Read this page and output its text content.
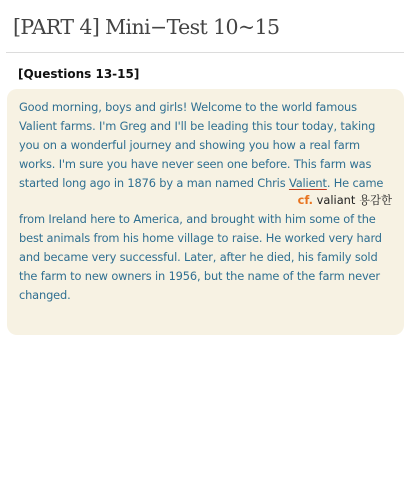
[PART 4] Mini−Test 10~15
[Questions 13-15]
Good morning, boys and girls! Welcome to the world famous
Valient farms. I'm Greg and I'll be leading this tour today, taking
you on a wonderful journey and showing you how a real farm
works. I'm sure you have never seen one before. This farm was
started long ago in 1876 by a man named Chris Valient. He came
cf. valiant 용감한
from Ireland here to America, and brought with him some of the
best animals from his home village to raise. He worked very hard
and became very successful. Later, after he died, his family sold
the farm to new owners in 1956, but the name of the farm never
changed.
